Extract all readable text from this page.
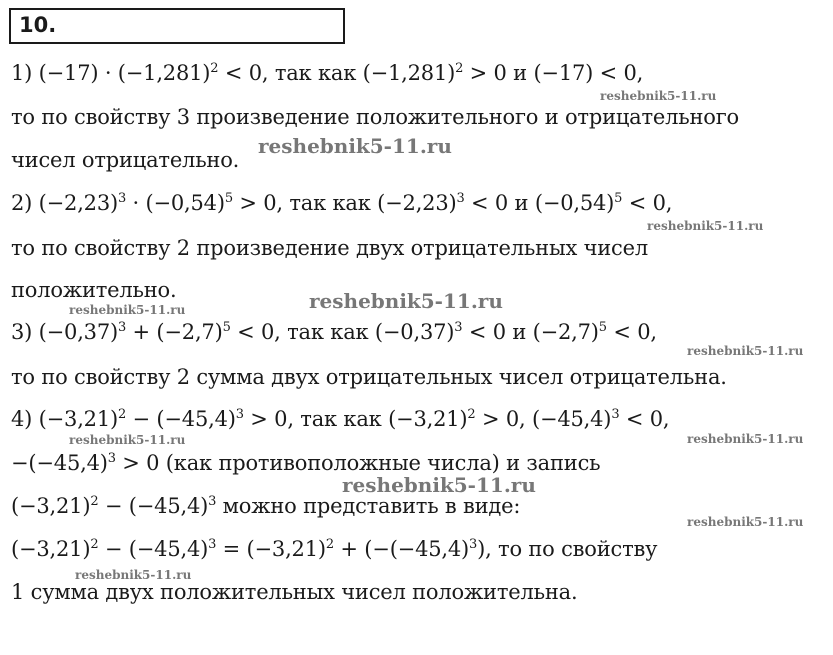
10.
1) $(-17) \cdot (-1,281)^2 < 0$, так как $(-1,281)^2 > 0$ и (−17) < 0,
то по свойству 3 произведение положительного и отрицательного
чисел отрицательно.
2) $(-2,23)^3 \cdot (-0,54)^5 > 0$, так как $(-2,23)^3 < 0$ и $(-0,54)^5 < 0$,
то по свойству 2 произведение двух отрицательных чисел
положительно.
3) $(-0,37)^3 + (-2,7)^5 < 0$, так как $(-0,37)^3 < 0$ и $(-2,7)^5 < 0$,
то по свойству 2 сумма двух отрицательных чисел отрицательна.
4) $(-3,21)^2 - (-45,4)^3 > 0$, так как $(-3,21)^2 > 0$, $(-45,4)^3 < 0$,
$-(-45,4)^3 > 0$ (как противоположные числа) и запись
$(-3,21)^2 - (-45,4)^3$ можно представить в виде:
$(-3,21)^2 - (-45,4)^3 = (-3,21)^2 + (-(-45,4)^3)$, то по свойству
1 сумма двух положительных чисел положительна.
reshebnik5-11.ru
reshebnik5-11.ru
reshebnik5-11.ru
reshebnik5-11.ru
reshebnik5-11.ru
reshebnik5-11.ru
reshebnik5-11.ru	reshebnik5-11.ru
reshebnik5-11.ru
reshebnik5-11.ru
reshebnik5-11.ru
